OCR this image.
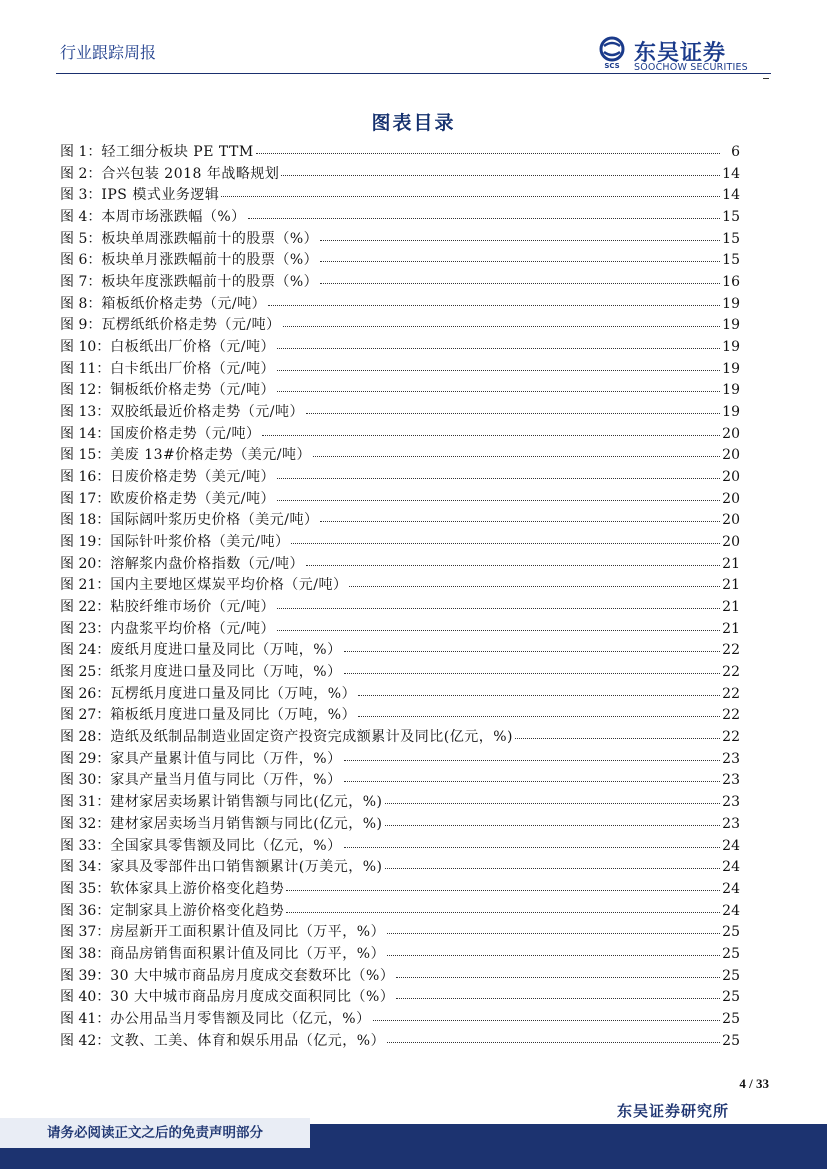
行业跟踪周报
SCS 东吴证券
SOOCHOW SECURITIES
图表目录
图 1： 轻工细分板块 PE TTM	6
图 2： 合兴包装 2018 年战略规划	14
图 3： IPS 模式业务逻辑	14
图 4： 本周市场涨跌幅（%）	15
图 5： 板块单周涨跌幅前十的股票（%）	15
图 6： 板块单月涨跌幅前十的股票（%）	15
图 7： 板块年度涨跌幅前十的股票（%）	16
图 8： 箱板纸价格走势（元/吨）	19
图 9： 瓦楞纸纸价格走势（元/吨）	19
图 10： 白板纸出厂价格（元/吨）	19
图 11： 白卡纸出厂价格（元/吨）	19
图 12： 铜板纸价格走势（元/吨）	19
图 13： 双胶纸最近价格走势（元/吨）	19
图 14： 国废价格走势（元/吨）	20
图 15： 美废 13#价格走势（美元/吨）	20
图 16： 日废价格走势（美元/吨）	20
图 17： 欧废价格走势（美元/吨）	20
图 18： 国际阔叶浆历史价格（美元/吨）	20
图 19： 国际针叶浆价格（美元/吨）	20
图 20： 溶解浆内盘价格指数（元/吨）	21
图 21： 国内主要地区煤炭平均价格（元/吨）	21
图 22： 粘胶纤维市场价（元/吨）	21
图 23： 内盘浆平均价格（元/吨）	21
图 24： 废纸月度进口量及同比（万吨，%）	22
图 25： 纸浆月度进口量及同比（万吨，%）	22
图 26： 瓦楞纸月度进口量及同比（万吨，%）	22
图 27： 箱板纸月度进口量及同比（万吨，%）	22
图 28： 造纸及纸制品制造业固定资产投资完成额累计及同比(亿元，%)	22
图 29： 家具产量累计值与同比（万件，%）	23
图 30： 家具产量当月值与同比（万件，%）	23
图 31： 建材家居卖场累计销售额与同比(亿元，%)	23
图 32： 建材家居卖场当月销售额与同比(亿元，%)	23
图 33： 全国家具零售额及同比（亿元，%）	24
图 34： 家具及零部件出口销售额累计(万美元，%)	24
图 35： 软体家具上游价格变化趋势	24
图 36： 定制家具上游价格变化趋势	24
图 37： 房屋新开工面积累计值及同比（万平，%）	25
图 38： 商品房销售面积累计值及同比（万平，%）	25
图 39： 30 大中城市商品房月度成交套数环比（%）	25
图 40： 30 大中城市商品房月度成交面积同比（%）	25
图 41： 办公用品当月零售额及同比（亿元，%）	25
图 42： 文教、工美、体育和娱乐用品（亿元，%）	25
4 / 33
东吴证券研究所
请务必阅读正文之后的免责声明部分
